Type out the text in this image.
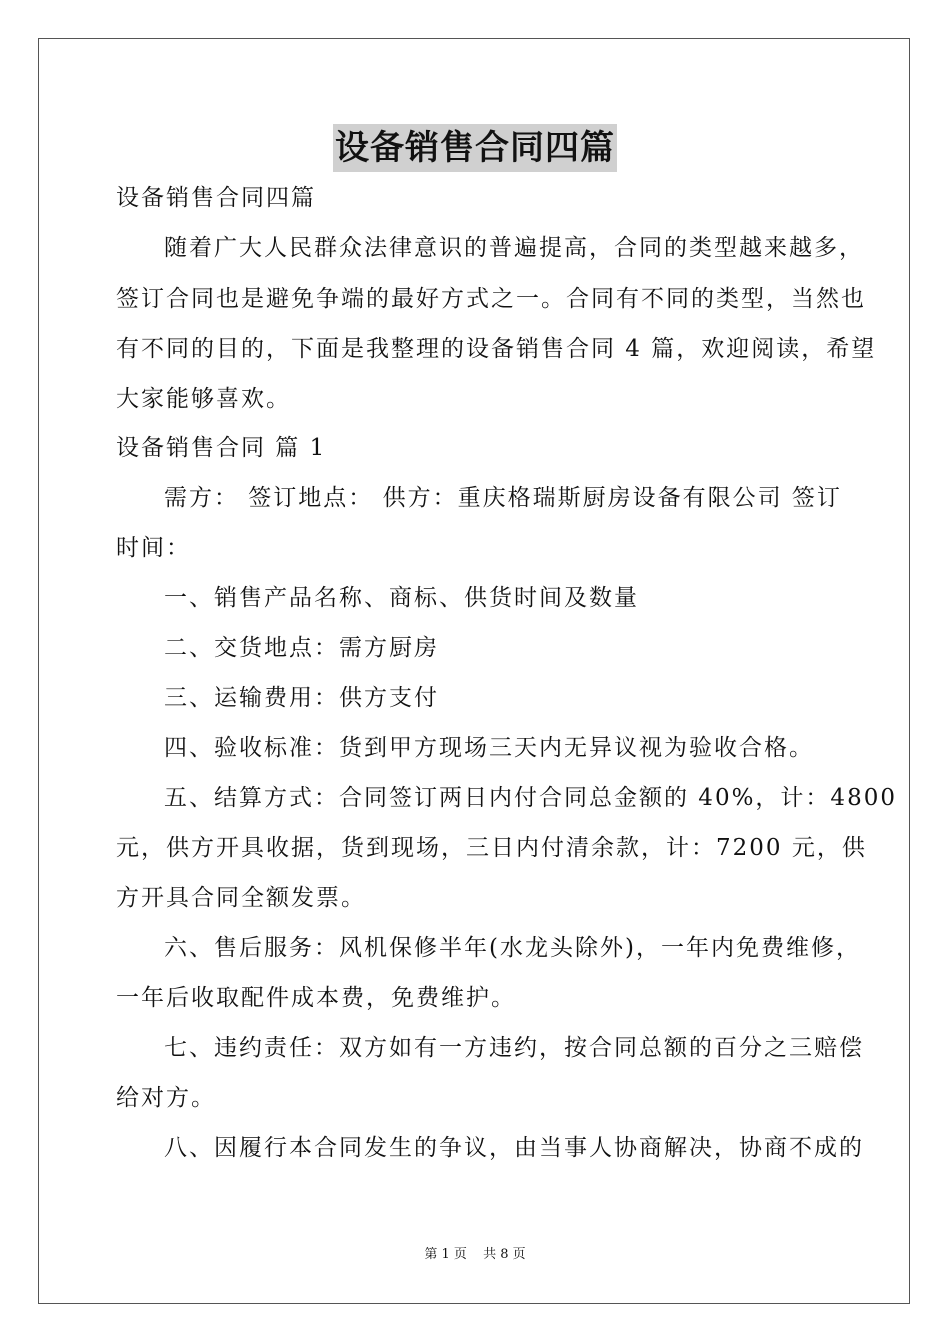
设备销售合同四篇
设备销售合同四篇
随着广大人民群众法律意识的普遍提高，合同的类型越来越多，
签订合同也是避免争端的最好方式之一。合同有不同的类型，当然也
有不同的目的，下面是我整理的设备销售合同 4 篇，欢迎阅读，希望
大家能够喜欢。
设备销售合同 篇 1
需方： 签订地点： 供方：重庆格瑞斯厨房设备有限公司 签订
时间：
一、销售产品名称、商标、供货时间及数量
二、交货地点：需方厨房
三、运输费用：供方支付
四、验收标准：货到甲方现场三天内无异议视为验收合格。
五、结算方式：合同签订两日内付合同总金额的 40%，计：4800
元，供方开具收据，货到现场，三日内付清余款，计：7200 元，供
方开具合同全额发票。
六、售后服务：风机保修半年(水龙头除外)，一年内免费维修，
一年后收取配件成本费，免费维护。
七、违约责任：双方如有一方违约，按合同总额的百分之三赔偿
给对方。
八、因履行本合同发生的争议，由当事人协商解决，协商不成的
第 1 页 共 8 页
